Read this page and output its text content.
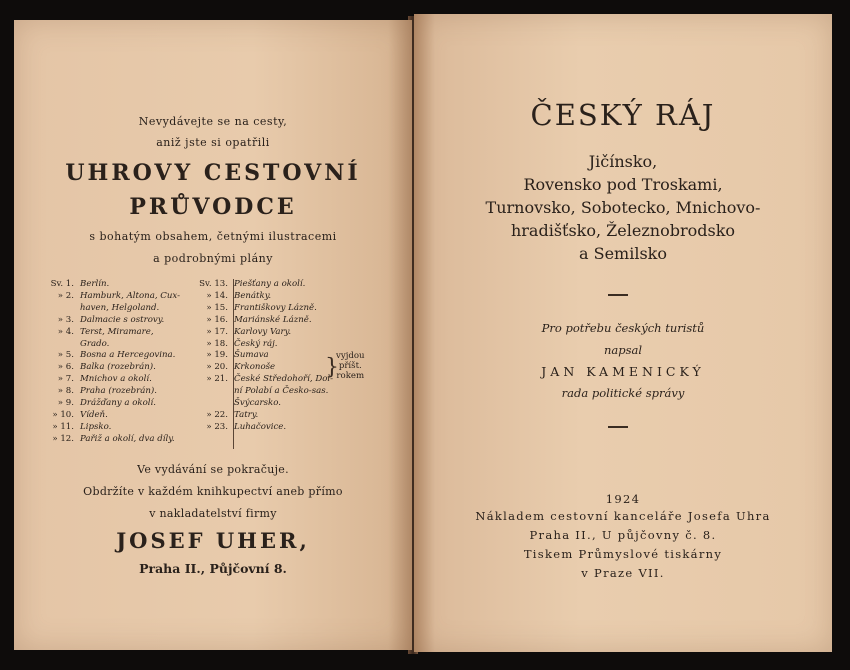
Nevydávejte se na cesty,
aniž jste si opatřili
UHROVY CESTOVNÍ
PRŮVODCE
s bohatým obsahem, četnými ilustracemi
a podrobnými plány
Sv. 1. Berlín.
» 2. Hamburk, Altona, Cux-
haven, Helgoland.
» 3. Dalmacie s ostrovy.
» 4. Terst, Miramare,
Grado.
» 5. Bosna a Hercegovina.
» 6. Balka (rozebrán).
» 7. Mnichov a okolí.
» 8. Praha (rozebrán).
» 9. Drážďany a okolí.
» 10. Vídeň.
» 11. Lipsko.
» 12. Pařiž a okolí, dva díly.
Sv. 13. Piešťany a okolí.
» 14. Benátky.
» 15. Františkovy Lázně.
» 16. Mariánské Lázně.
» 17. Karlovy Vary.
» 18. Český ráj.
» 19. Šumava
» 20. Krkonoše
» 21. České Středohoří, Dol-
ní Polabí a Česko-sas.
Švýcarsko.
» 22. Tatry.
» 23. Luhačovice.
}
vyjdou
příšt.
rokem
Ve vydávání se pokračuje.
Obdržíte v každém knihkupectví aneb přímo
v nakladatelství firmy
JOSEF UHER,
Praha II., Půjčovní 8.
ČESKÝ RÁJ
Jičínsko,
Rovensko pod Troskami,
Turnovsko, Sobotecko, Mnichovo-
hradišťsko, Železnobrodsko
a Semilsko
Pro potřebu českých turistů
napsal
JAN KAMENICKÝ
rada politické správy
1924
Nákladem cestovní kanceláře Josefa Uhra
Praha II., U půjčovny č. 8.
Tiskem Průmyslové tiskárny
v Praze VII.
